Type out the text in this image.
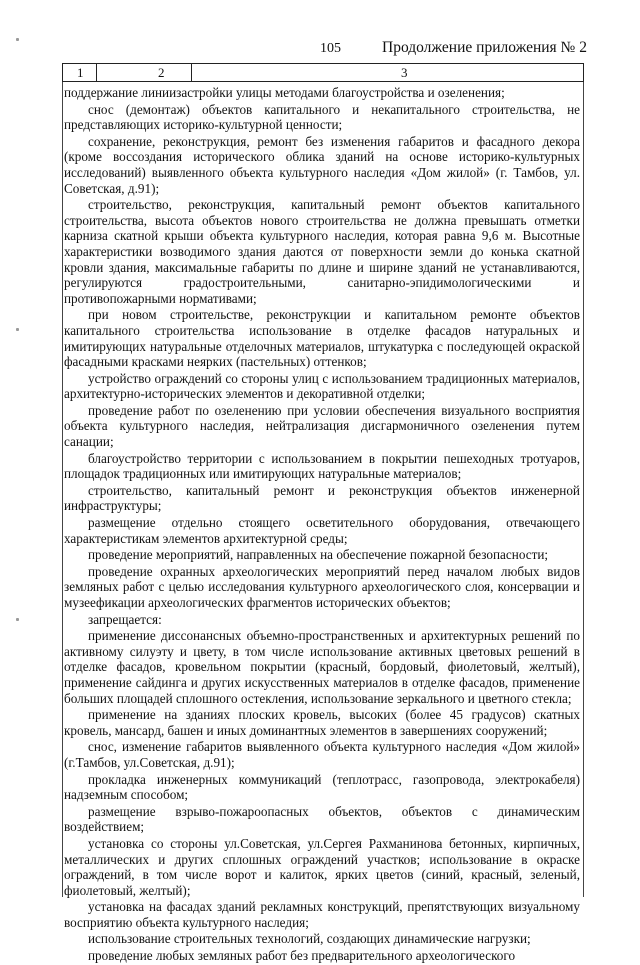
105	Продолжение приложения № 2
1	2	3

поддержание линиизастройки улицы методами благоустройства и озеленения;

снос (демонтаж) объектов капитального и некапитального строительства, не представляющих историко-культурной ценности;

сохранение, реконструкция, ремонт без изменения габаритов и фасадного декора (кроме воссоздания исторического облика зданий на основе историко-культурных исследований) выявленного объекта культурного наследия «Дом жилой» (г. Тамбов, ул. Советская, д.91);

строительство, реконструкция, капитальный ремонт объектов капитального строительства, высота объектов нового строительства не должна превышать отметки карниза скатной крыши объекта культурного наследия, которая равна 9,6 м. Высотные характеристики возводимого здания даются от поверхности земли до конька скатной кровли здания, максимальные габариты по длине и ширине зданий не устанавливаются, регулируются градостроительными, санитарно-эпидимологическими и противопожарными нормативами;

при новом строительстве, реконструкции и капитальном ремонте объектов капитального строительства использование в отделке фасадов натуральных и имитирующих натуральные отделочных материалов, штукатурка с последующей окраской фасадными красками неярких (пастельных) оттенков;

устройство ограждений со стороны улиц с использованием традиционных материалов, архитектурно-исторических элементов и декоративной отделки;

проведение работ по озеленению при условии обеспечения визуального восприятия объекта культурного наследия, нейтрализация дисгармоничного озеленения путем санации;

благоустройство территории с использованием в покрытии пешеходных тротуаров, площадок традиционных или имитирующих натуральные материалов;

строительство, капитальный ремонт и реконструкция объектов инженерной инфраструктуры;

размещение отдельно стоящего осветительного оборудования, отвечающего характеристикам элементов архитектурной среды;

проведение мероприятий, направленных на обеспечение пожарной безопасности;

проведение охранных археологических мероприятий перед началом любых видов земляных работ с целью исследования культурного археологического слоя, консервации и музеефикации археологических фрагментов исторических объектов;

запрещается:

применение диссонансных объемно-пространственных и архитектурных решений по активному силуэту и цвету, в том числе использование активных цветовых решений в отделке фасадов, кровельном покрытии (красный, бордовый, фиолетовый, желтый), применение сайдинга и других искусственных материалов в отделке фасадов, применение больших площадей сплошного остекления, использование зеркального и цветного стекла;

применение на зданиях плоских кровель, высоких (более 45 градусов) скатных кровель, мансард, башен и иных доминантных элементов в завершениях сооружений;

снос, изменение габаритов выявленного объекта культурного наследия «Дом жилой» (г.Тамбов, ул.Советская, д.91);

прокладка инженерных коммуникаций (теплотрасс, газопровода, электрокабеля) надземным способом;

размещение взрыво-пожароопасных объектов, объектов с динамическим воздействием;

установка со стороны ул.Советская, ул.Сергея Рахманинова бетонных, кирпичных, металлических и других сплошных ограждений участков; использование в окраске ограждений, в том числе ворот и калиток, ярких цветов (синий, красный, зеленый, фиолетовый, желтый);

установка на фасадах зданий рекламных конструкций, препятствующих визуальному восприятию объекта культурного наследия;

использование строительных технологий, создающих динамические нагрузки;

проведение любых земляных работ без предварительного археологического
